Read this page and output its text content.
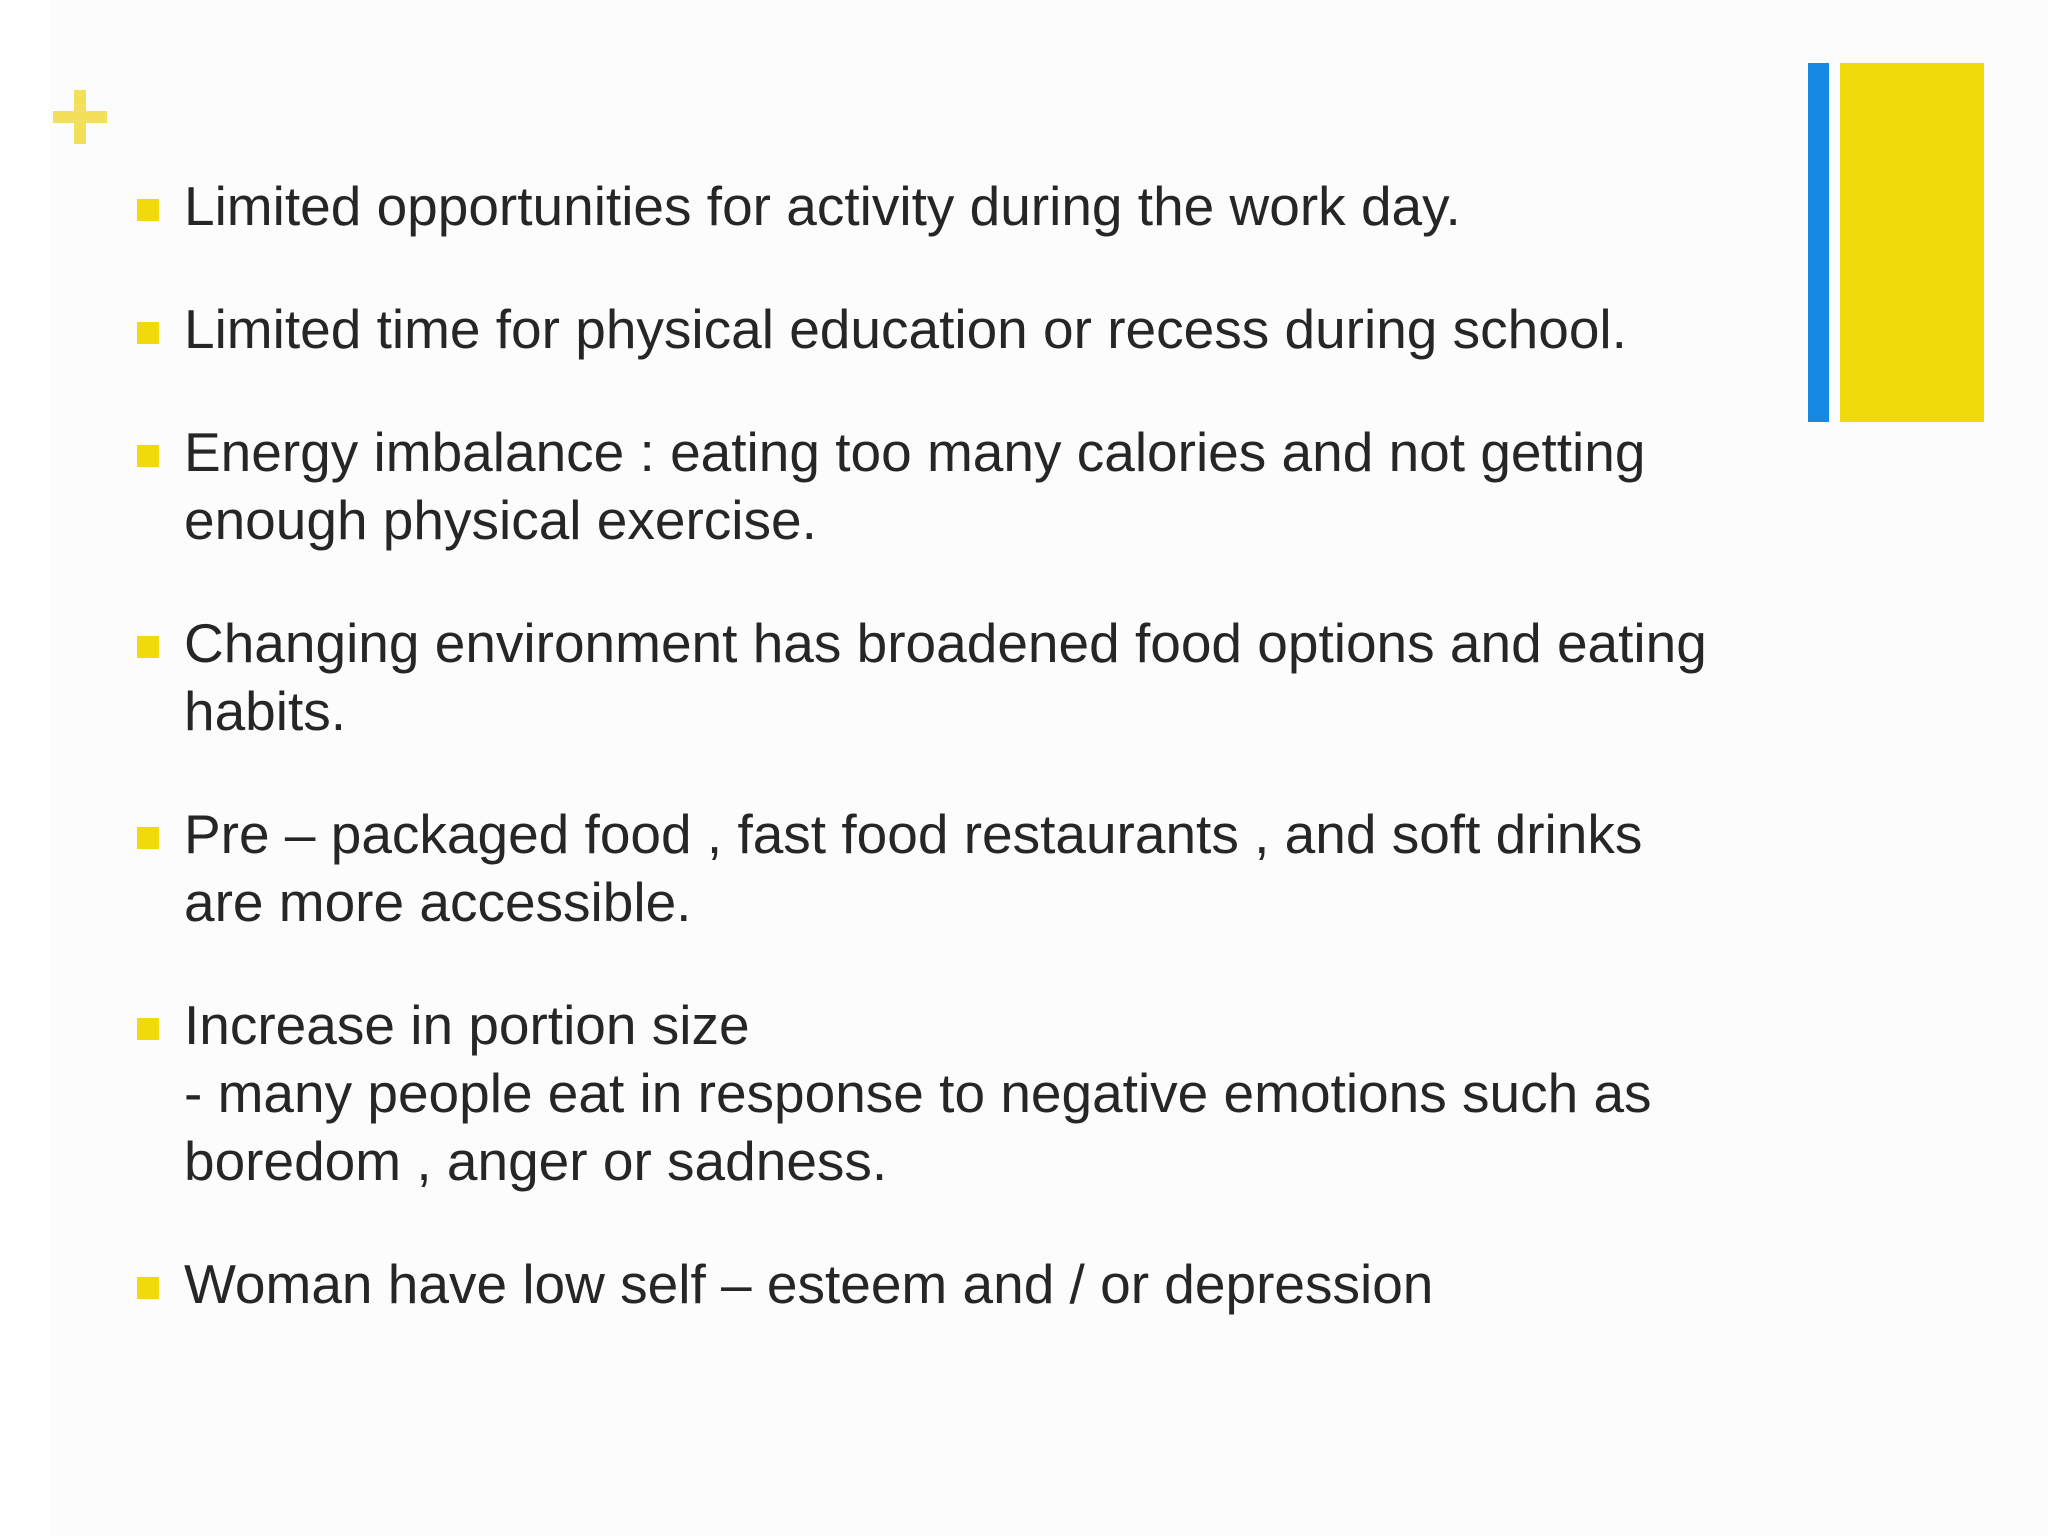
Limited opportunities for activity during the work day.
Limited time for physical education or recess during school.
Energy imbalance : eating too many calories and not getting
enough physical exercise.
Changing environment has broadened food options and eating
habits.
Pre – packaged food , fast food restaurants , and soft drinks
are more accessible.
Increase in portion size
- many people eat in response to negative emotions such as
boredom , anger or sadness.
Woman have low self – esteem and / or depression
